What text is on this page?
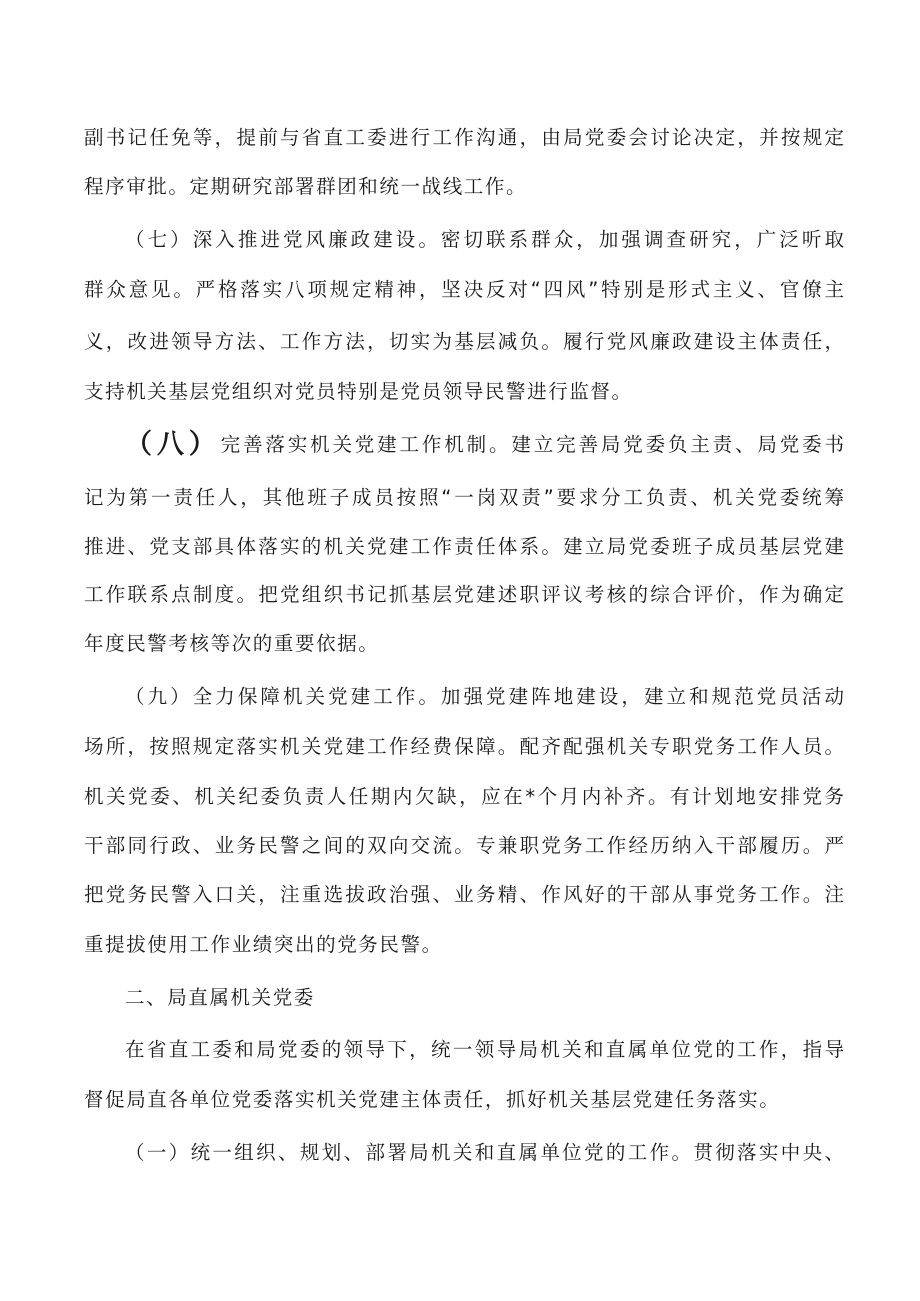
副书记任免等，提前与省直工委进行工作沟通，由局党委会讨论决定，并按规定
程序审批。定期研究部署群团和统一战线工作。
（七）深入推进党风廉政建设。密切联系群众，加强调查研究，广泛听取
群众意见。严格落实八项规定精神，坚决反对“四风”特别是形式主义、官僚主
义，改进领导方法、工作方法，切实为基层减负。履行党风廉政建设主体责任，
支持机关基层党组织对党员特别是党员领导民警进行监督。
（八）完善落实机关党建工作机制。建立完善局党委负主责、局党委书
记为第一责任人，其他班子成员按照“一岗双责”要求分工负责、机关党委统筹
推进、党支部具体落实的机关党建工作责任体系。建立局党委班子成员基层党建
工作联系点制度。把党组织书记抓基层党建述职评议考核的综合评价，作为确定
年度民警考核等次的重要依据。
（九）全力保障机关党建工作。加强党建阵地建设，建立和规范党员活动
场所，按照规定落实机关党建工作经费保障。配齐配强机关专职党务工作人员。
机关党委、机关纪委负责人任期内欠缺，应在*个月内补齐。有计划地安排党务
干部同行政、业务民警之间的双向交流。专兼职党务工作经历纳入干部履历。严
把党务民警入口关，注重选拔政治强、业务精、作风好的干部从事党务工作。注
重提拔使用工作业绩突出的党务民警。
二、局直属机关党委
在省直工委和局党委的领导下，统一领导局机关和直属单位党的工作，指导
督促局直各单位党委落实机关党建主体责任，抓好机关基层党建任务落实。
（一）统一组织、规划、部署局机关和直属单位党的工作。贯彻落实中央、
